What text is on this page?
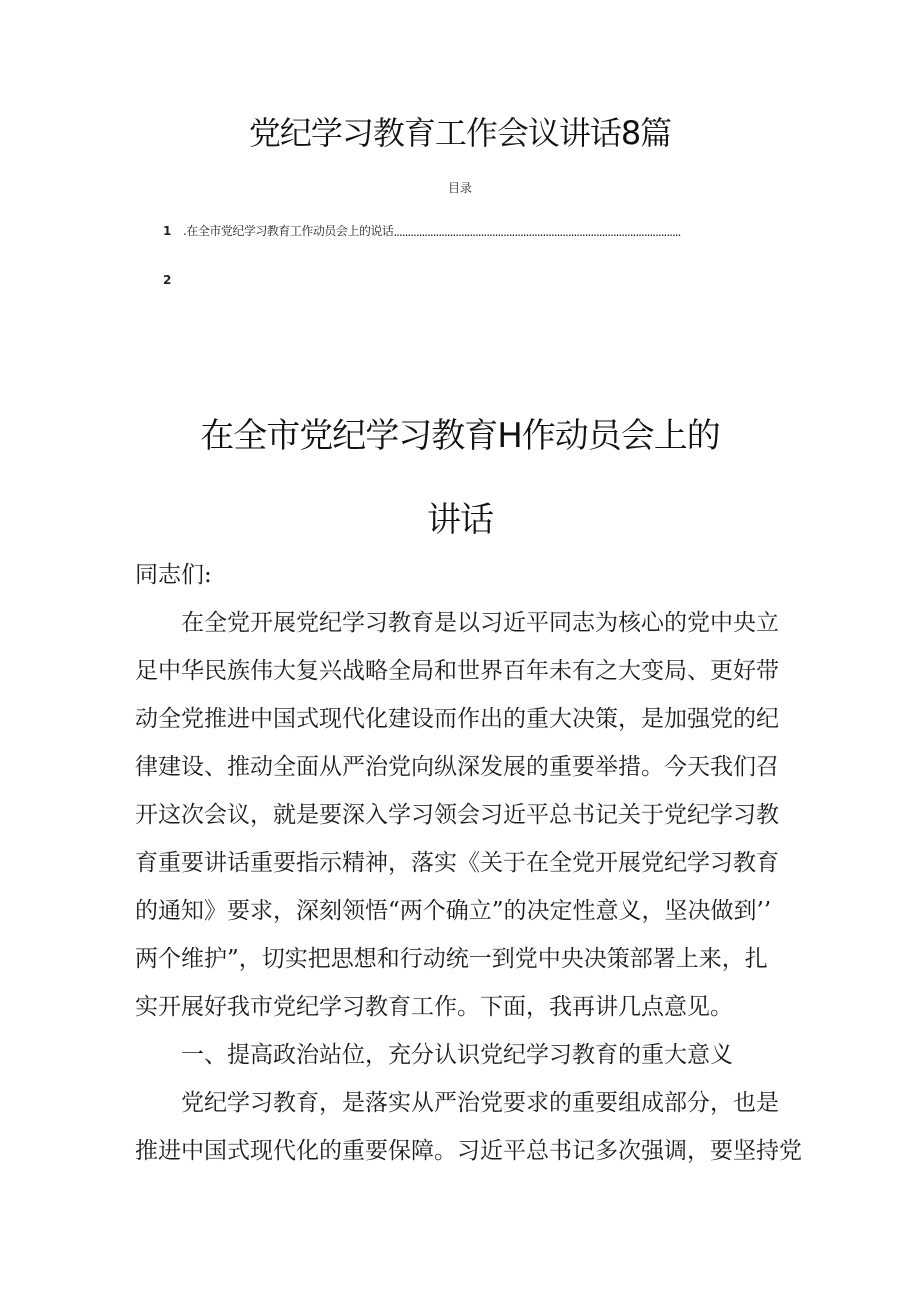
党纪学习教育工作会议讲话8篇
目录
1 .在全市党纪学习教育工作动员会上的说话......................................................................................................
2
在全市党纪学习教育H作动员会上的
讲话
同志们:
　　在全党开展党纪学习教育是以习近平同志为核心的党中央立
足中华民族伟大复兴战略全局和世界百年未有之大变局、更好带
动全党推进中国式现代化建设而作出的重大决策，是加强党的纪
律建设、推动全面从严治党向纵深发展的重要举措。今天我们召
开这次会议，就是要深入学习领会习近平总书记关于党纪学习教
育重要讲话重要指示精神，落实《关于在全党开展党纪学习教育
的通知》要求，深刻领悟“两个确立”的决定性意义，坚决做到’’
两个维护”，切实把思想和行动统一到党中央决策部署上来，扎
实开展好我市党纪学习教育工作。下面，我再讲几点意见。
　　一、提高政治站位，充分认识党纪学习教育的重大意义
　　党纪学习教育，是落实从严治党要求的重要组成部分，也是
推进中国式现代化的重要保障。习近平总书记多次强调，要坚持党
